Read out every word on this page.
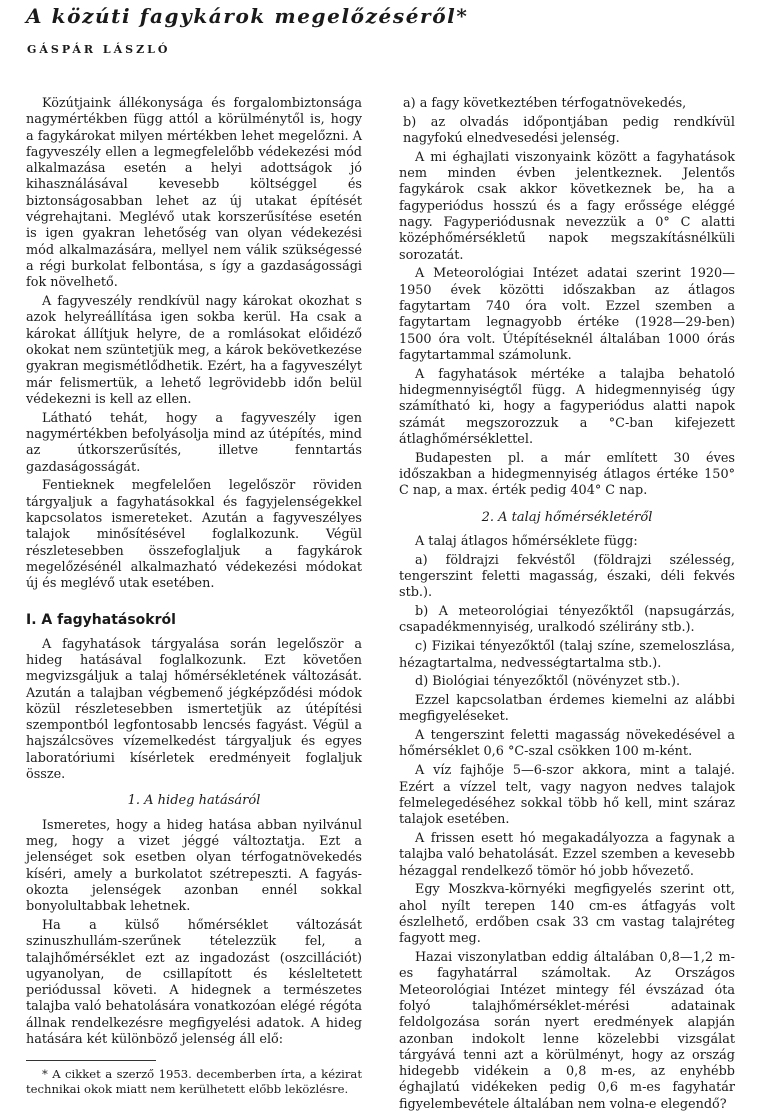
A közúti fagykárok megelőzéséről*
GÁSPÁR LÁSZLÓ

Közútjaink állékonysága és forgalombiztonsága nagymértékben függ attól a körülménytől is, hogy a fagykárokat milyen mértékben lehet megelőzni. A fagyveszély ellen a legmegfelelőbb védekezési mód alkalmazása esetén a helyi adottságok jó kihasználásával kevesebb költséggel és biztonságosabban lehet az új utakat építését végrehajtani. Meglévő utak korszerűsítése esetén is igen gyakran lehetőség van olyan védekezési mód alkalmazására, mellyel nem válik szükségessé a régi burkolat felbontása, s így a gazdaságossági fok növelhető.

A fagyveszély rendkívül nagy károkat okozhat s azok helyreállítása igen sokba kerül. Ha csak a károkat állítjuk helyre, de a romlásokat előidéző okokat nem szüntetjük meg, a károk bekövetkezése gyakran megismétlődhetik. Ezért, ha a fagyveszélyt már felismertük, a lehető legrövidebb időn belül védekezni is kell az ellen.

Látható tehát, hogy a fagyveszély igen nagymértékben befolyásolja mind az útépítés, mind az útkorszerűsítés, illetve fenntartás gazdaságosságát.

Fentieknek megfelelően legelőször röviden tárgyaljuk a fagyhatásokkal és fagyjelenségekkel kapcsolatos ismereteket. Azután a fagyveszélyes talajok minősítésével foglalkozunk. Végül részletesebben összefoglaljuk a fagykárok megelőzésénél alkalmazható védekezési módokat új és meglévő utak esetében.

I. A fagyhatásokról

A fagyhatások tárgyalása során legelőször a hideg hatásával foglalkozunk. Ezt követően megvizsgáljuk a talaj hőmérsékletének változását. Azután a talajban végbemenő jégképződési módok közül részletesebben ismertetjük az útépítési szempontból legfontosabb lencsés fagyást. Végül a hajszálcsöves vízemelkedést tárgyaljuk és egyes laboratóriumi kísérletek eredményeit foglaljuk össze.

1. A hideg hatásáról

Ismeretes, hogy a hideg hatása abban nyilvánul meg, hogy a vizet jéggé változtatja. Ezt a jelenséget sok esetben olyan térfogatnövekedés kíséri, amely a burkolatot szétrepeszti. A fagyás-okozta jelenségek azonban ennél sokkal bonyolultabbak lehetnek.

Ha a külső hőmérséklet változását szinuszhullám-szerűnek tételezzük fel, a talajhőmérséklet ezt az ingadozást (oszcillációt) ugyanolyan, de csillapított és késleltetett periódussal követi. A hidegnek a természetes talajba való behatolására vonatkozóan elégé régóta állnak rendelkezésre megfigyelési adatok. A hideg hatására két különböző jelenség áll elő:

* A cikket a szerző 1953. decemberben írta, a kézirat technikai okok miatt nem kerülhetett előbb leközlésre.

a) a fagy következtében térfogatnövekedés,

b) az olvadás időpontjában pedig rendkívül nagyfokú elnedvesedési jelenség.

A mi éghajlati viszonyaink között a fagyhatások nem minden évben jelentkeznek. Jelentős fagykárok csak akkor következnek be, ha a fagyperiódus hosszú és a fagy erőssége eléggé nagy. Fagyperiódusnak nevezzük a 0° C alatti középhőmérsékletű napok megszakításnélküli sorozatát.

A Meteorológiai Intézet adatai szerint 1920—1950 évek közötti időszakban az átlagos fagytartam 740 óra volt. Ezzel szemben a fagytartam legnagyobb értéke (1928—29-ben) 1500 óra volt. Útépítéseknél általában 1000 órás fagytartammal számolunk.

A fagyhatások mértéke a talajba behatoló hidegmennyiségtől függ. A hidegmennyiség úgy számítható ki, hogy a fagyperiódus alatti napok számát megszorozzuk a °C-ban kifejezett átlaghőmérséklettel.

Budapesten pl. a már említett 30 éves időszakban a hidegmennyiség átlagos értéke 150° C nap, a max. érték pedig 404° C nap.

2. A talaj hőmérsékletéről

A talaj átlagos hőmérséklete függ:

a) földrajzi fekvéstől (földrajzi szélesség, tengerszint feletti magasság, északi, déli fekvés stb.).

b) A meteorológiai tényezőktől (napsugárzás, csapadékmennyiség, uralkodó szélirány stb.).

c) Fizikai tényezőktől (talaj színe, szemeloszlása, hézagtartalma, nedvességtartalma stb.).

d) Biológiai tényezőktől (növényzet stb.).

Ezzel kapcsolatban érdemes kiemelni az alábbi megfigyeléseket.

A tengerszint feletti magasság növekedésével a hőmérséklet 0,6 °C-szal csökken 100 m-ként.

A víz fajhője 5—6-szor akkora, mint a talajé. Ezért a vízzel telt, vagy nagyon nedves talajok felmelegedéséhez sokkal több hő kell, mint száraz talajok esetében.

A frissen esett hó megakadályozza a fagynak a talajba való behatolását. Ezzel szemben a kevesebb hézaggal rendelkező tömör hó jobb hővezető.

Egy Moszkva-környéki megfigyelés szerint ott, ahol nyílt terepen 140 cm-es átfagyás volt észlelhető, erdőben csak 33 cm vastag talajréteg fagyott meg.

Hazai viszonylatban eddig általában 0,8—1,2 m-es fagyhatárral számoltak. Az Országos Meteorológiai Intézet mintegy fél évszázad óta folyó talajhőmérséklet-mérési adatainak feldolgozása során nyert eredmények alapján azonban indokolt lenne közelebbi vizsgálat tárgyává tenni azt a körülményt, hogy az ország hidegebb vidékein a 0,8 m-es, az enyhébb éghajlatú vidékeken pedig 0,6 m-es fagyhatár figyelembevétele általában nem volna-e elegendő?
